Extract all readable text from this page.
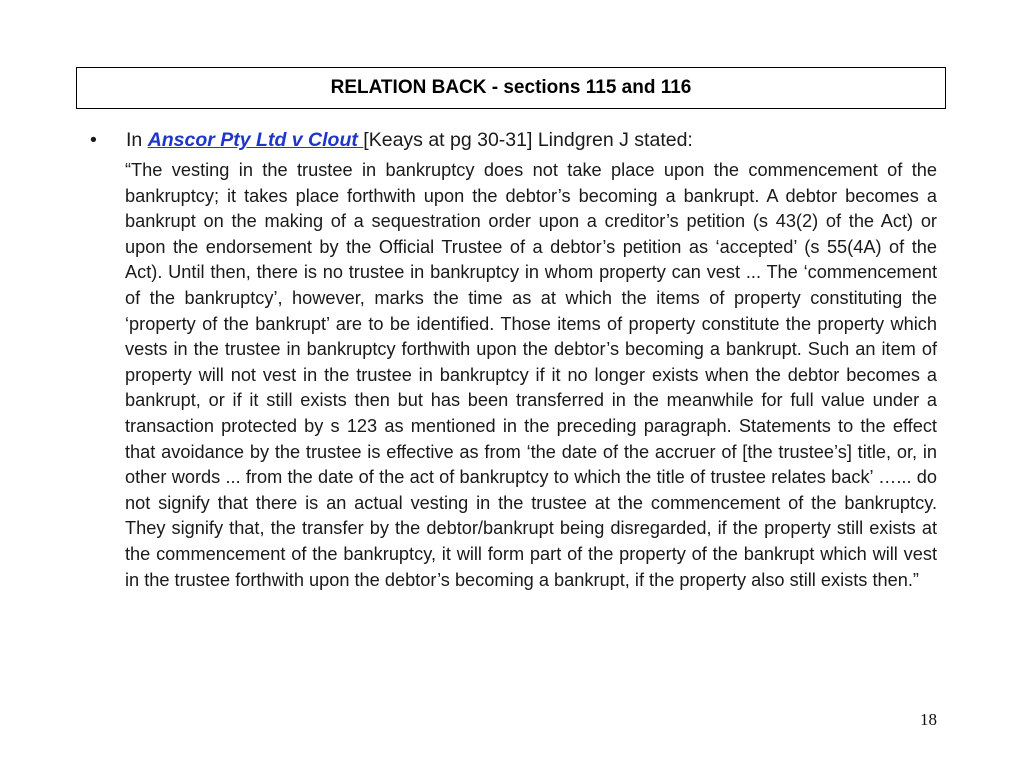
RELATION BACK - sections 115 and 116
• In Anscor Pty Ltd v Clout [Keays at pg 30-31] Lindgren J stated:

“The vesting in the trustee in bankruptcy does not take place upon the commencement of the bankruptcy; it takes place forthwith upon the debtor’s becoming a bankrupt. A debtor becomes a bankrupt on the making of a sequestration order upon a creditor’s petition (s 43(2) of the Act) or upon the endorsement by the Official Trustee of a debtor’s petition as ‘accepted’ (s 55(4A) of the Act). Until then, there is no trustee in bankruptcy in whom property can vest ... The ‘commencement of the bankruptcy’, however, marks the time as at which the items of property constituting the ‘property of the bankrupt’ are to be identified. Those items of property constitute the property which vests in the trustee in bankruptcy forthwith upon the debtor’s becoming a bankrupt. Such an item of property will not vest in the trustee in bankruptcy if it no longer exists when the debtor becomes a bankrupt, or if it still exists then but has been transferred in the meanwhile for full value under a transaction protected by s 123 as mentioned in the preceding paragraph. Statements to the effect that avoidance by the trustee is effective as from ‘the date of the accruer of [the trustee’s] title, or, in other words ... from the date of the act of bankruptcy to which the title of trustee relates back’ …... do not signify that there is an actual vesting in the trustee at the commencement of the bankruptcy. They signify that, the transfer by the debtor/bankrupt being disregarded, if the property still exists at the commencement of the bankruptcy, it will form part of the property of the bankrupt which will vest in the trustee forthwith upon the debtor’s becoming a bankrupt, if the property also still exists then.”

18
